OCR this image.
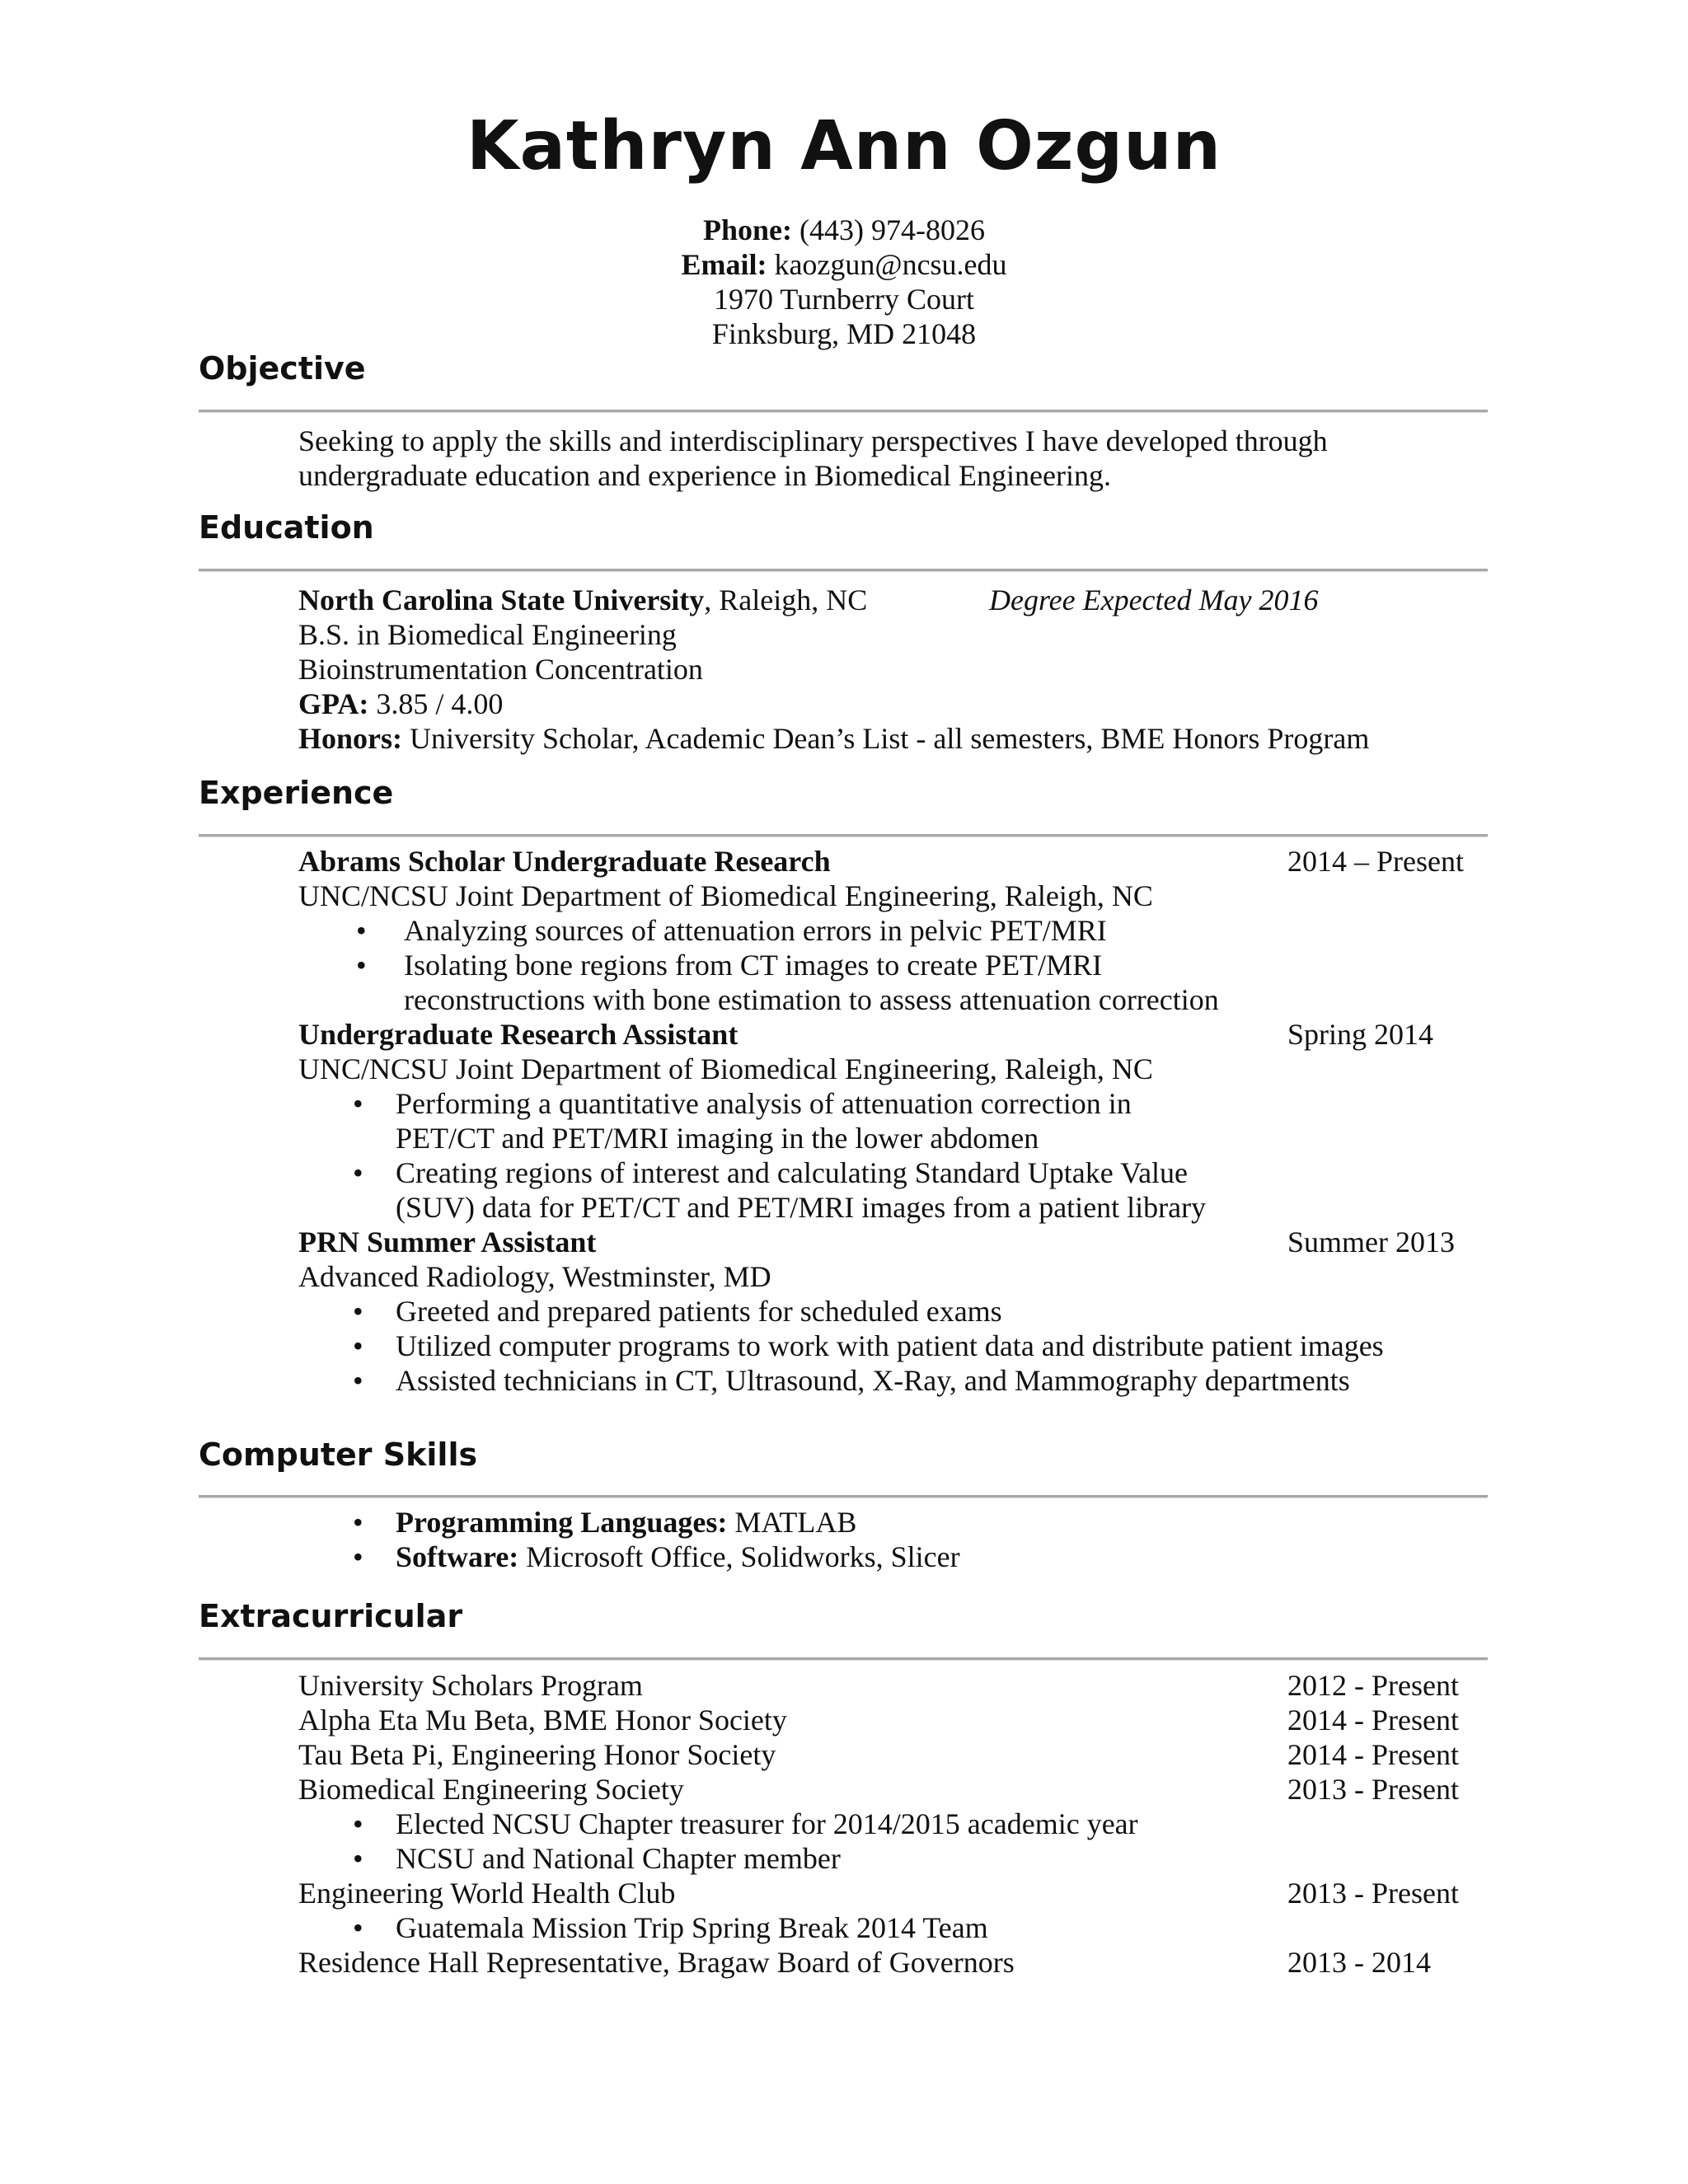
Kathryn Ann Ozgun
Phone: (443) 974-8026
Email: kaozgun@ncsu.edu
1970 Turnberry Court
Finksburg, MD 21048
Objective
Seeking to apply the skills and interdisciplinary perspectives I have developed through
undergraduate education and experience in Biomedical Engineering.
Education
North Carolina State University, Raleigh, NC	Degree Expected May 2016
B.S. in Biomedical Engineering
Bioinstrumentation Concentration
GPA: 3.85 / 4.00
Honors: University Scholar, Academic Dean’s List - all semesters, BME Honors Program
Experience
Abrams Scholar Undergraduate Research	2014 – Present
UNC/NCSU Joint Department of Biomedical Engineering, Raleigh, NC
• Analyzing sources of attenuation errors in pelvic PET/MRI
• Isolating bone regions from CT images to create PET/MRI
reconstructions with bone estimation to assess attenuation correction
Undergraduate Research Assistant	Spring 2014
UNC/NCSU Joint Department of Biomedical Engineering, Raleigh, NC
• Performing a quantitative analysis of attenuation correction in
PET/CT and PET/MRI imaging in the lower abdomen
• Creating regions of interest and calculating Standard Uptake Value
(SUV) data for PET/CT and PET/MRI images from a patient library
PRN Summer Assistant	Summer 2013
Advanced Radiology, Westminster, MD
• Greeted and prepared patients for scheduled exams
• Utilized computer programs to work with patient data and distribute patient images
• Assisted technicians in CT, Ultrasound, X-Ray, and Mammography departments
Computer Skills
• Programming Languages: MATLAB
• Software: Microsoft Office, Solidworks, Slicer
Extracurricular
University Scholars Program	2012 - Present
Alpha Eta Mu Beta, BME Honor Society	2014 - Present
Tau Beta Pi, Engineering Honor Society	2014 - Present
Biomedical Engineering Society	2013 - Present
• Elected NCSU Chapter treasurer for 2014/2015 academic year
• NCSU and National Chapter member
Engineering World Health Club	2013 - Present
• Guatemala Mission Trip Spring Break 2014 Team
Residence Hall Representative, Bragaw Board of Governors	2013 - 2014
